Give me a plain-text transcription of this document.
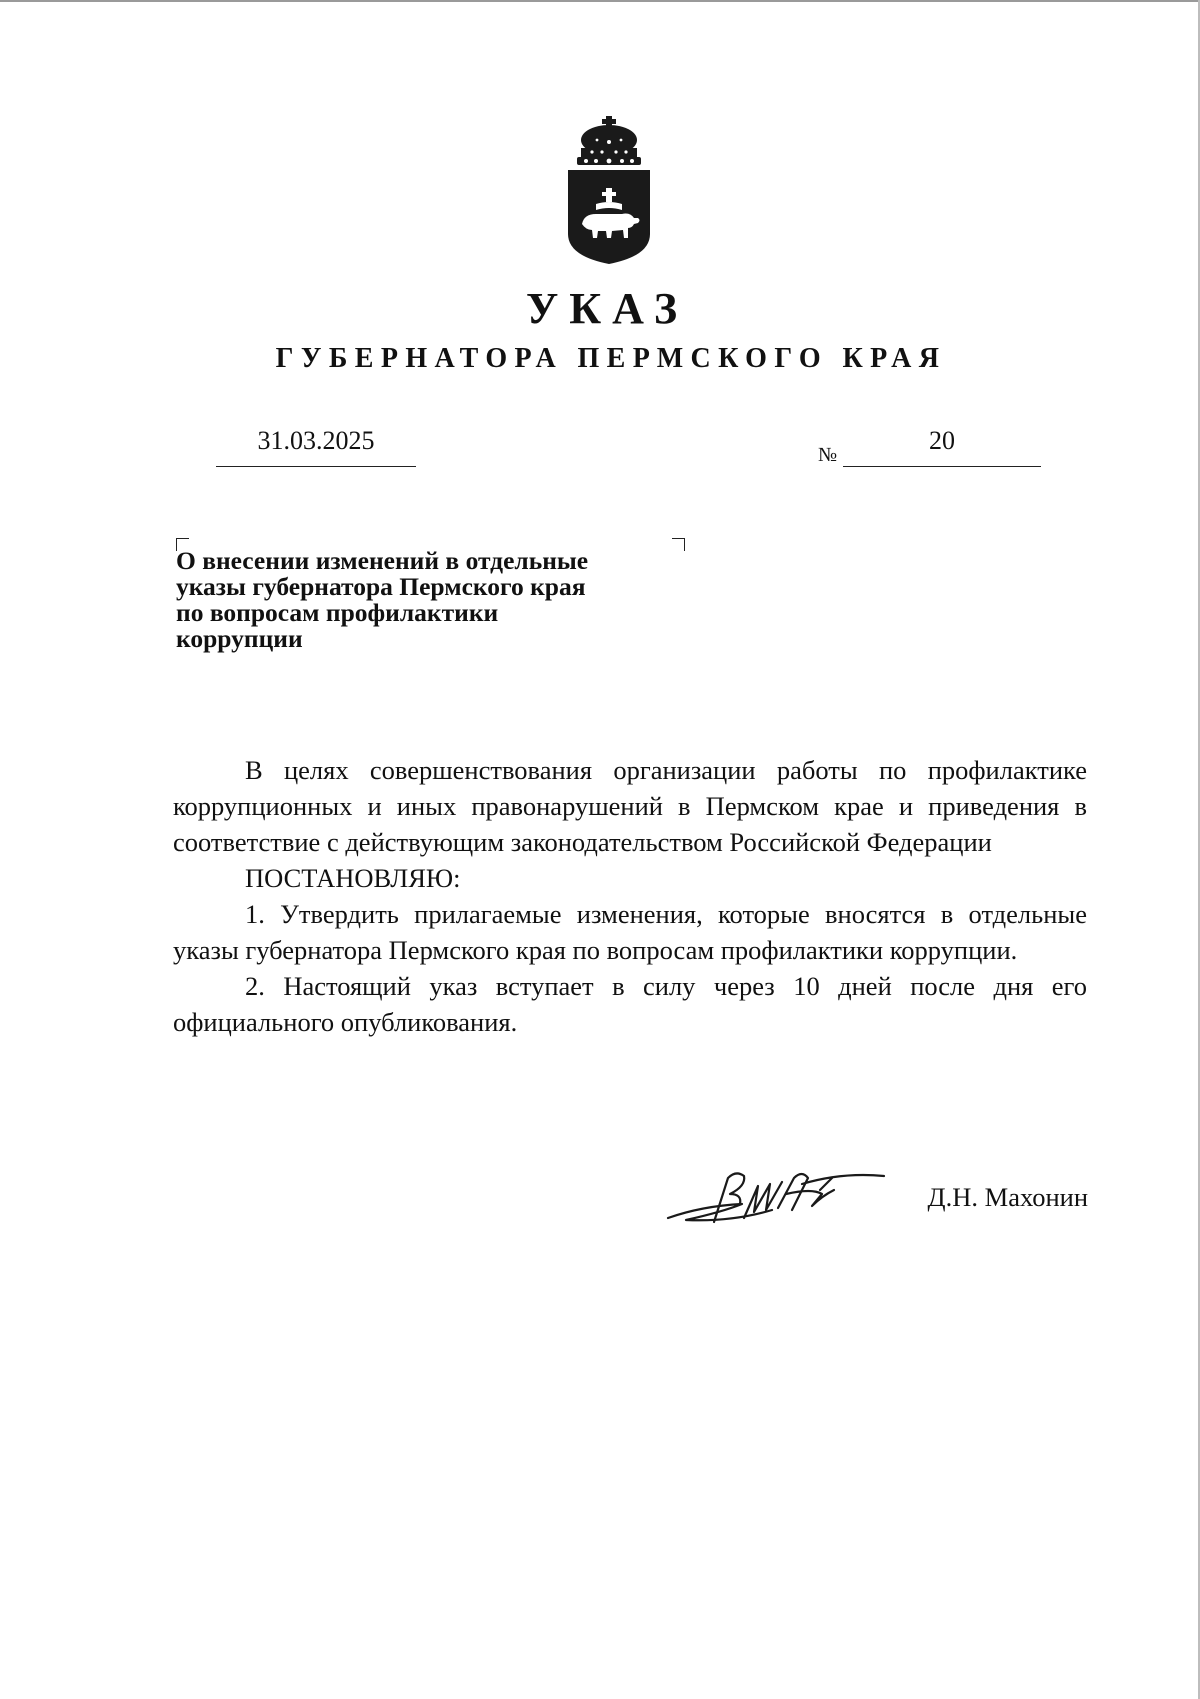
УКАЗ
ГУБЕРНАТОРА ПЕРМСКОГО КРАЯ
31.03.2025	№	20
О внесении изменений в отдельные
указы губернатора Пермского края
по вопросам профилактики
коррупции

В целях совершенствования организации работы по профилактике коррупционных и иных правонарушений в Пермском крае и приведения в соответствие с действующим законодательством Российской Федерации

ПОСТАНОВЛЯЮ:

1. Утвердить прилагаемые изменения, которые вносятся в отдельные указы губернатора Пермского края по вопросам профилактики коррупции.

2. Настоящий указ вступает в силу через 10 дней после дня его официального опубликования.

Д.Н. Махонин
